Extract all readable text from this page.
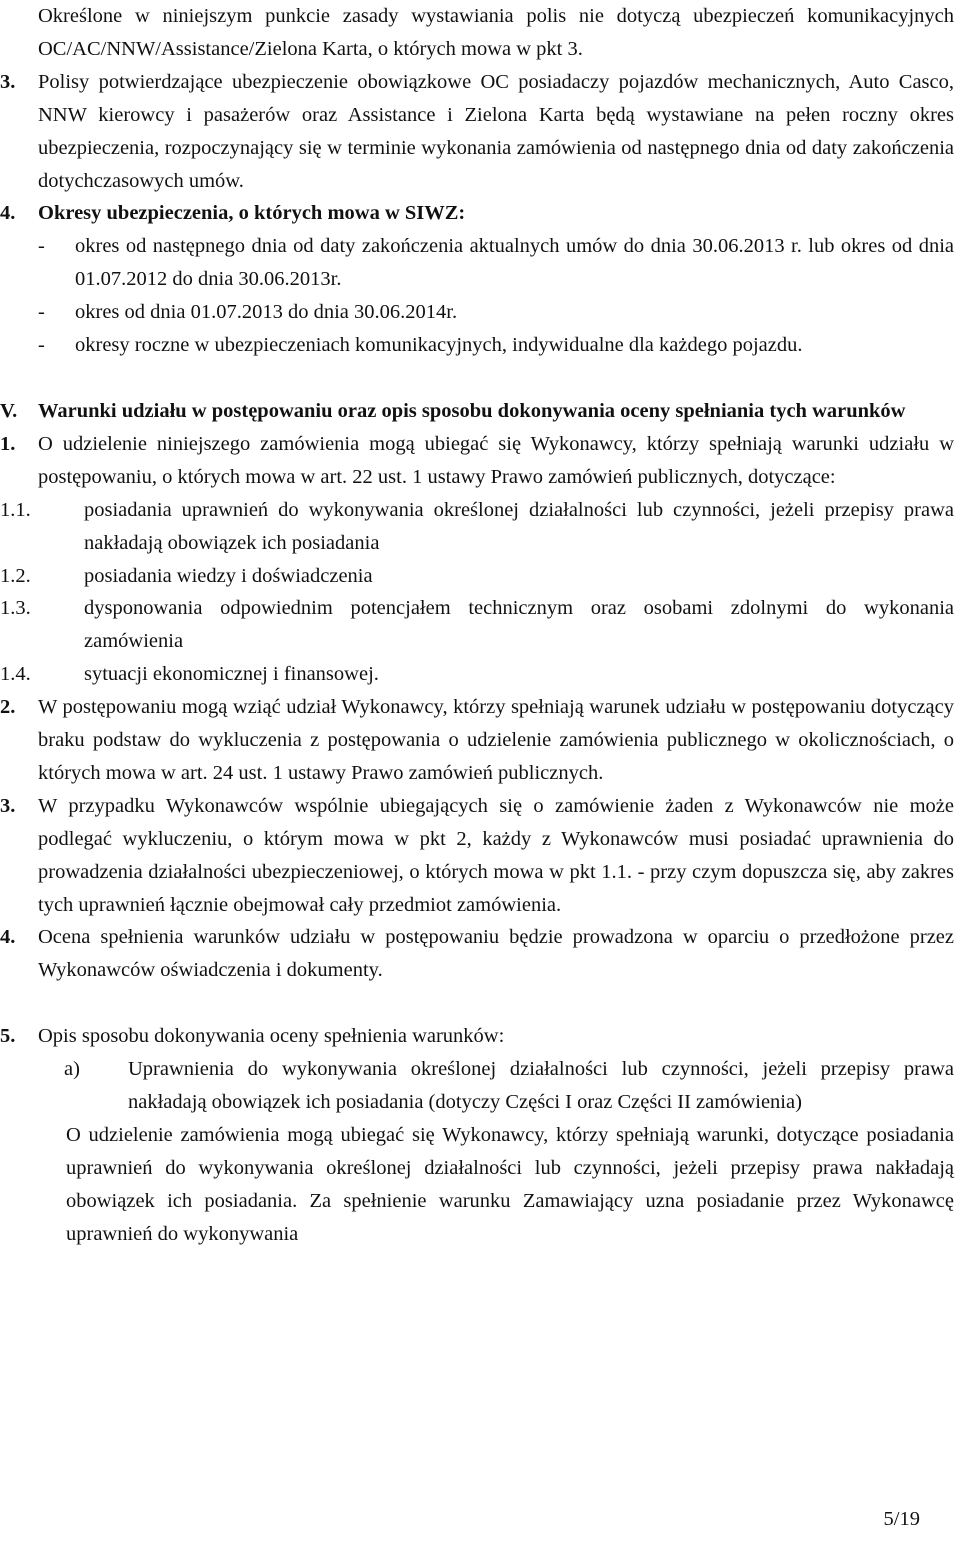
Określone w niniejszym punkcie zasady wystawiania polis nie dotyczą ubezpieczeń komunikacyjnych OC/AC/NNW/Assistance/Zielona Karta, o których mowa w pkt 3.

3. Polisy potwierdzające ubezpieczenie obowiązkowe OC posiadaczy pojazdów mechanicznych, Auto Casco, NNW kierowcy i pasażerów oraz Assistance i Zielona Karta będą wystawiane na pełen roczny okres ubezpieczenia, rozpoczynający się w terminie wykonania zamówienia od następnego dnia od daty zakończenia dotychczasowych umów.

4. Okresy ubezpieczenia, o których mowa w SIWZ:

- okres od następnego dnia od daty zakończenia aktualnych umów do dnia 30.06.2013 r. lub okres od dnia 01.07.2012 do dnia 30.06.2013r.

- okres od dnia 01.07.2013 do dnia 30.06.2014r.

- okresy roczne w ubezpieczeniach komunikacyjnych, indywidualne dla każdego pojazdu.

V.	Warunki udziału w postępowaniu oraz opis sposobu dokonywania oceny spełniania tych warunków

1. O udzielenie niniejszego zamówienia mogą ubiegać się Wykonawcy, którzy spełniają warunki udziału w postępowaniu, o których mowa w art. 22 ust. 1 ustawy Prawo zamówień publicznych, dotyczące:

1.1.	posiadania uprawnień do wykonywania określonej działalności lub czynności, jeżeli przepisy prawa nakładają obowiązek ich posiadania

1.2.	posiadania wiedzy i doświadczenia

1.3.	dysponowania odpowiednim potencjałem technicznym oraz osobami zdolnymi do wykonania zamówienia

1.4.	sytuacji ekonomicznej i finansowej.

2. W postępowaniu mogą wziąć udział Wykonawcy, którzy spełniają warunek udziału w postępowaniu dotyczący braku podstaw do wykluczenia z postępowania o udzielenie zamówienia publicznego w okolicznościach, o których mowa w art. 24 ust. 1 ustawy Prawo zamówień publicznych.

3. W przypadku Wykonawców wspólnie ubiegających się o zamówienie żaden z Wykonawców nie może podlegać wykluczeniu, o którym mowa w pkt 2, każdy z Wykonawców musi posiadać uprawnienia do prowadzenia działalności ubezpieczeniowej, o których mowa w pkt 1.1. - przy czym dopuszcza się, aby zakres tych uprawnień łącznie obejmował cały przedmiot zamówienia.

4. Ocena spełnienia warunków udziału w postępowaniu będzie prowadzona w oparciu o przedłożone przez Wykonawców oświadczenia i dokumenty.

5. Opis sposobu dokonywania oceny spełnienia warunków:

a) Uprawnienia do wykonywania określonej działalności lub czynności, jeżeli przepisy prawa nakładają obowiązek ich posiadania (dotyczy Części I oraz Części II zamówienia)

O udzielenie zamówienia mogą ubiegać się Wykonawcy, którzy spełniają warunki, dotyczące posiadania uprawnień do wykonywania określonej działalności lub czynności, jeżeli przepisy prawa nakładają obowiązek ich posiadania. Za spełnienie warunku Zamawiający uzna posiadanie przez Wykonawcę uprawnień do wykonywania

5/19
